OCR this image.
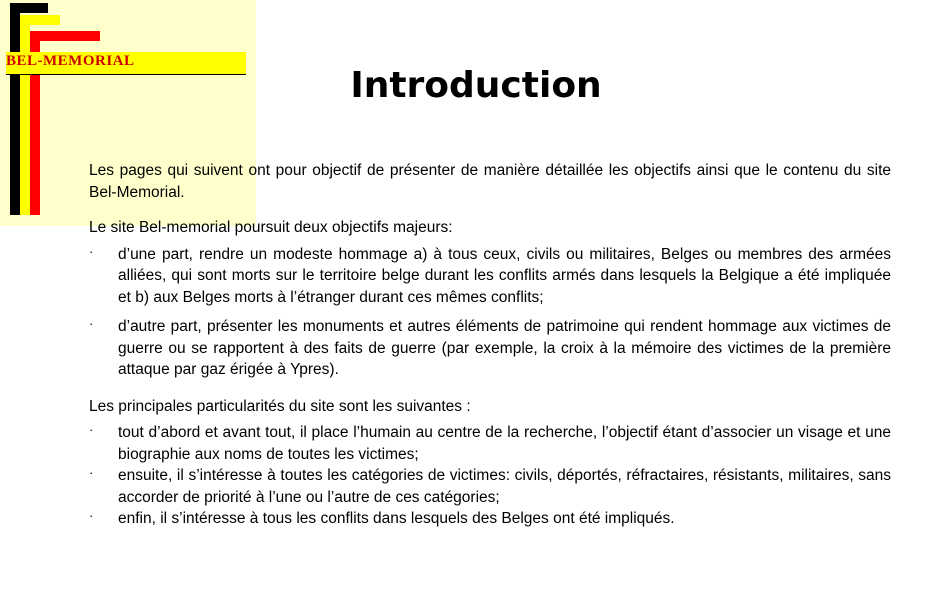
BEL-MEMORIAL
Introduction

Les pages qui suivent ont pour objectif de présenter de manière détaillée les objectifs ainsi que le contenu du site Bel-Memorial.

Le site Bel-memorial poursuit deux objectifs majeurs:

· d’une part, rendre un modeste hommage a) à tous ceux, civils ou militaires, Belges ou membres des armées alliées, qui sont morts sur le territoire belge durant les conflits armés dans lesquels la Belgique a été impliquée et b) aux Belges morts à l’étranger durant ces mêmes conflits;
· d’autre part, présenter les monuments et autres éléments de patrimoine qui rendent hommage aux victimes de guerre ou se rapportent à des faits de guerre (par exemple, la croix à la mémoire des victimes de la première attaque par gaz érigée à Ypres).

Les principales particularités du site sont les suivantes :

· tout d’abord et avant tout, il place l’humain au centre de la recherche, l’objectif étant d’associer un visage et une biographie aux noms de toutes les victimes;
· ensuite, il s’intéresse à toutes les catégories de victimes: civils, déportés, réfractaires, résistants, militaires, sans accorder de priorité à l’une ou l’autre de ces catégories;
· enfin, il s’intéresse à tous les conflits dans lesquels des Belges ont été impliqués.
